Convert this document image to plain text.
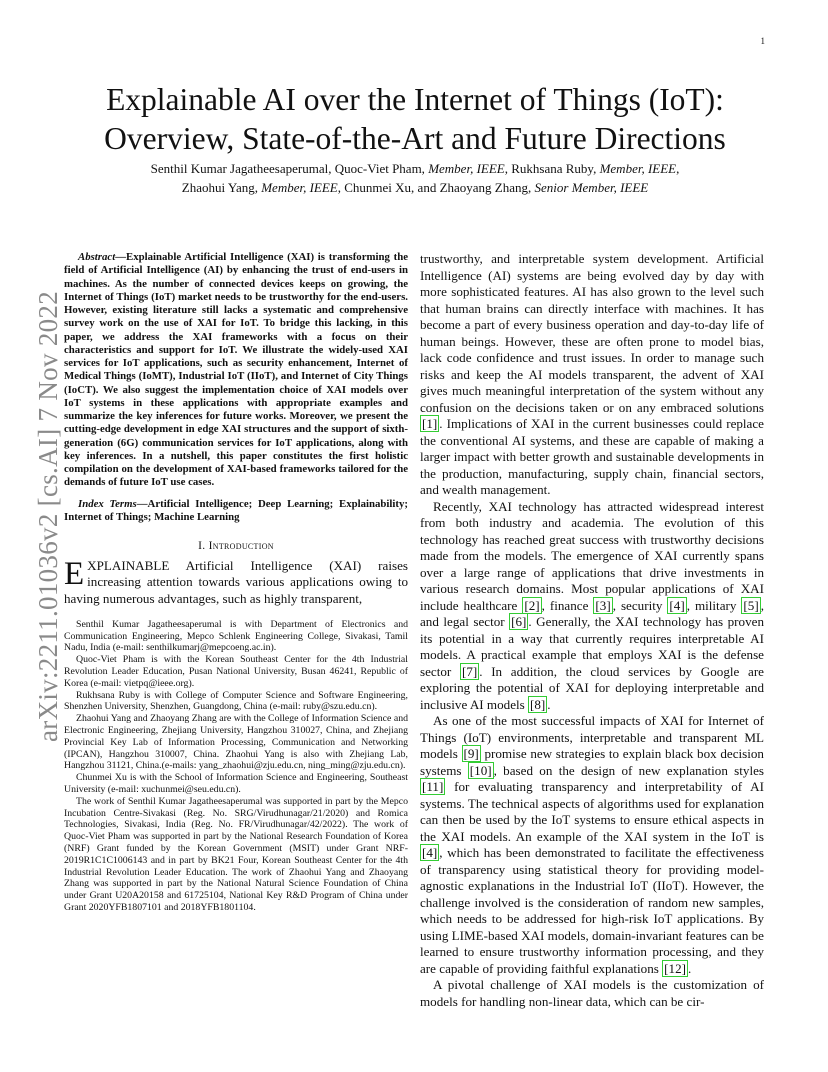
1
arXiv:2211.01036v2 [cs.AI] 7 Nov 2022
Explainable AI over the Internet of Things (IoT):
Overview, State-of-the-Art and Future Directions
Senthil Kumar Jagatheesaperumal, Quoc-Viet Pham, Member, IEEE, Rukhsana Ruby, Member, IEEE,
Zhaohui Yang, Member, IEEE, Chunmei Xu, and Zhaoyang Zhang, Senior Member, IEEE

Abstract—Explainable Artificial Intelligence (XAI) is transforming the field of Artificial Intelligence (AI) by enhancing the trust of end-users in machines. As the number of connected devices keeps on growing, the Internet of Things (IoT) market needs to be trustworthy for the end-users. However, existing literature still lacks a systematic and comprehensive survey work on the use of XAI for IoT. To bridge this lacking, in this paper, we address the XAI frameworks with a focus on their characteristics and support for IoT. We illustrate the widely-used XAI services for IoT applications, such as security enhancement, Internet of Medical Things (IoMT), Industrial IoT (IIoT), and Internet of City Things (IoCT). We also suggest the implementation choice of XAI models over IoT systems in these applications with appropriate examples and summarize the key inferences for future works. Moreover, we present the cutting-edge development in edge XAI structures and the support of sixth-generation (6G) communication services for IoT applications, along with key inferences. In a nutshell, this paper constitutes the first holistic compilation on the development of XAI-based frameworks tailored for the demands of future IoT use cases.

Index Terms—Artificial Intelligence; Deep Learning; Explainability; Internet of Things; Machine Learning

I. Introduction

EXPLAINABLE Artificial Intelligence (XAI) raises increasing attention towards various applications owing to having numerous advantages, such as highly transparent,

Senthil Kumar Jagatheesaperumal is with Department of Electronics and Communication Engineering, Mepco Schlenk Engineering College, Sivakasi, Tamil Nadu, India (e-mail: senthilkumarj@mepcoeng.ac.in).

Quoc-Viet Pham is with the Korean Southeast Center for the 4th Industrial Revolution Leader Education, Pusan National University, Busan 46241, Republic of Korea (e-mail: vietpq@ieee.org).

Rukhsana Ruby is with College of Computer Science and Software Engineering, Shenzhen University, Shenzhen, Guangdong, China (e-mail: ruby@szu.edu.cn).

Zhaohui Yang and Zhaoyang Zhang are with the College of Information Science and Electronic Engineering, Zhejiang University, Hangzhou 310027, China, and Zhejiang Provincial Key Lab of Information Processing, Communication and Networking (IPCAN), Hangzhou 310007, China. Zhaohui Yang is also with Zhejiang Lab, Hangzhou 31121, China.(e-mails: yang_zhaohui@zju.edu.cn, ning_ming@zju.edu.cn).

Chunmei Xu is with the School of Information Science and Engineering, Southeast University (e-mail: xuchunmei@seu.edu.cn).

The work of Senthil Kumar Jagatheesaperumal was supported in part by the Mepco Incubation Centre-Sivakasi (Reg. No. SRG/Virudhunagar/21/2020) and Romica Technologies, Sivakasi, India (Reg. No. FR/Virudhunagar/42/2022). The work of Quoc-Viet Pham was supported in part by the National Research Foundation of Korea (NRF) Grant funded by the Korean Government (MSIT) under Grant NRF-2019R1C1C1006143 and in part by BK21 Four, Korean Southeast Center for the 4th Industrial Revolution Leader Education. The work of Zhaohui Yang and Zhaoyang Zhang was supported in part by the National Natural Science Foundation of China under Grant U20A20158 and 61725104, National Key R&D Program of China under Grant 2020YFB1807101 and 2018YFB1801104.

trustworthy, and interpretable system development. Artificial Intelligence (AI) systems are being evolved day by day with more sophisticated features. AI has also grown to the level such that human brains can directly interface with machines. It has become a part of every business operation and day-to-day life of human beings. However, these are often prone to model bias, lack code confidence and trust issues. In order to manage such risks and keep the AI models transparent, the advent of XAI gives much meaningful interpretation of the system without any confusion on the decisions taken or on any embraced solutions [1] . Implications of XAI in the current businesses could replace the conventional AI systems, and these are capable of making a larger impact with better growth and sustainable developments in the production, manufacturing, supply chain, financial sectors, and wealth management.

Recently, XAI technology has attracted widespread interest from both industry and academia. The evolution of this technology has reached great success with trustworthy decisions made from the models. The emergence of XAI currently spans over a large range of applications that drive investments in various research domains. Most popular applications of XAI include healthcare [2] , finance [3] , security [4] , military [5] , and legal sector [6] . Generally, the XAI technology has proven its potential in a way that currently requires interpretable AI models. A practical example that employs XAI is the defense sector [7] . In addition, the cloud services by Google are exploring the potential of XAI for deploying interpretable and inclusive AI models [8] .

As one of the most successful impacts of XAI for Internet of Things (IoT) environments, interpretable and transparent ML models [9] promise new strategies to explain black box decision systems [10] , based on the design of new explanation styles [11] for evaluating transparency and interpretability of AI systems. The technical aspects of algorithms used for explanation can then be used by the IoT systems to ensure ethical aspects in the XAI models. An example of the XAI system in the IoT is [4] , which has been demonstrated to facilitate the effectiveness of transparency using statistical theory for providing model-agnostic explanations in the Industrial IoT (IIoT). However, the challenge involved is the consideration of random new samples, which needs to be addressed for high-risk IoT applications. By using LIME-based XAI models, domain-invariant features can be learned to ensure trustworthy information processing, and they are capable of providing faithful explanations [12] .

A pivotal challenge of XAI models is the customization of models for handling non-linear data, which can be cir-
